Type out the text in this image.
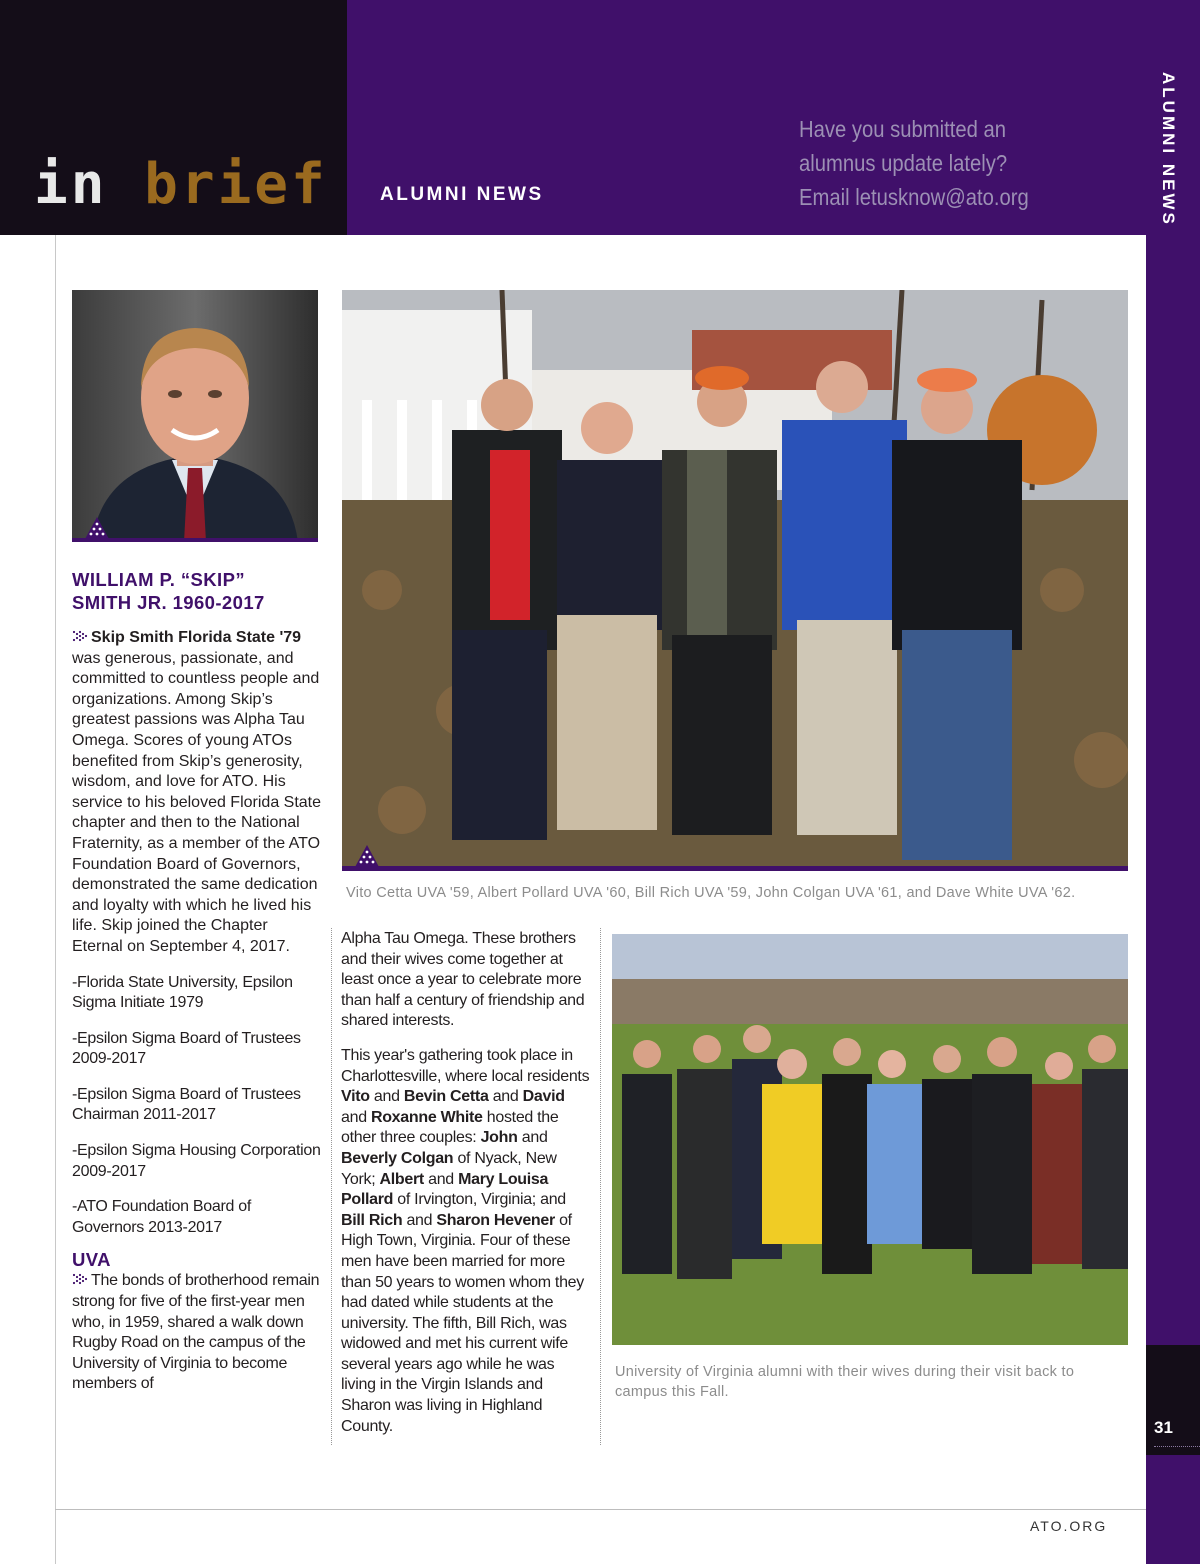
in brief	ALUMNI NEWS
Have you submitted an
alumnus update lately?
Email letusknow@ato.org	ALUMNI NEWS
31
ATO.ORG
Vito Cetta UVA '59, Albert Pollard UVA '60, Bill Rich UVA '59, John Colgan UVA '61, and Dave White UVA '62.
University of Virginia alumni with their wives during their visit back to campus this Fall.
WILLIAM P. “SKIP”
SMITH JR. 1960-2017

Skip Smith Florida State '79 was generous, passionate, and committed to countless people and organizations. Among Skip’s greatest passions was Alpha Tau Omega. Scores of young ATOs benefited from Skip’s generosity, wisdom, and love for ATO. His service to his beloved Florida State chapter and then to the National Fraternity, as a member of the ATO Foundation Board of Governors, demonstrated the same dedication and loyalty with which he lived his life. Skip joined the Chapter Eternal on September 4, 2017.

-Florida State University, Epsilon Sigma Initiate 1979

-Epsilon Sigma Board of Trustees 2009-2017

-Epsilon Sigma Board of Trustees Chairman 2011-2017

-Epsilon Sigma Housing Corporation 2009-2017

-ATO Foundation Board of Governors 2013-2017

UVA

The bonds of brotherhood remain strong for five of the first-year men who, in 1959, shared a walk down Rugby Road on the campus of the University of Virginia to become members of

Alpha Tau Omega. These brothers and their wives come together at least once a year to celebrate more than half a century of friendship and shared interests.

This year's gathering took place in Charlottesville, where local residents Vito and Bevin Cetta and David and Roxanne White hosted the other three couples: John and Beverly Colgan of Nyack, New York; Albert and Mary Louisa Pollard of Irvington, Virginia; and Bill Rich and Sharon Hevener of High Town, Virginia. Four of these men have been married for more than 50 years to women whom they had dated while students at the university. The fifth, Bill Rich, was widowed and met his current wife several years ago while he was living in the Virgin Islands and Sharon was living in Highland County.
